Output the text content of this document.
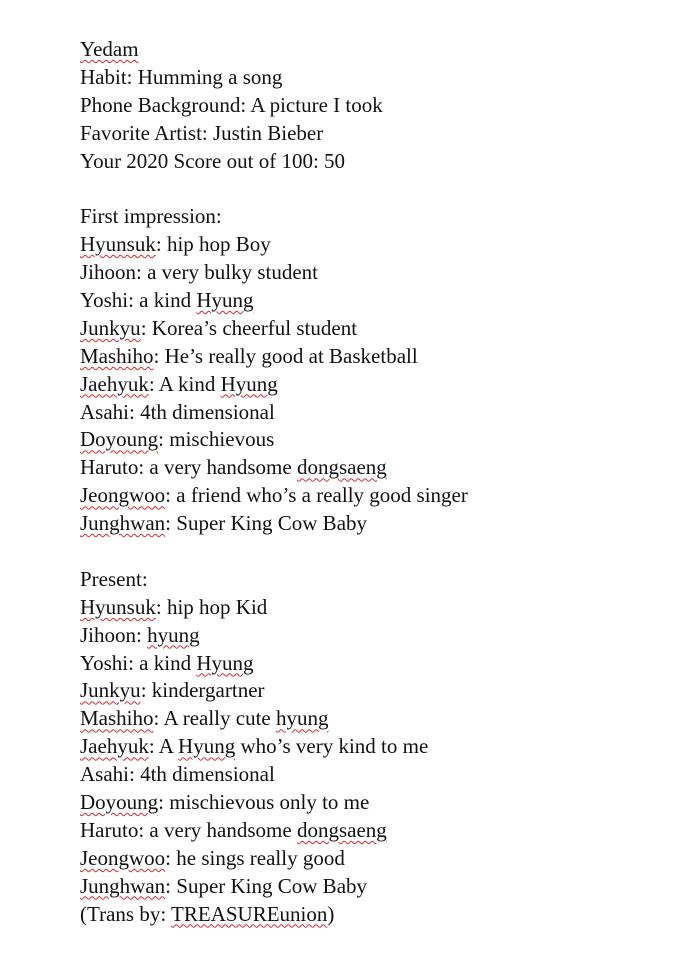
Yedam
Habit: Humming a song
Phone Background: A picture I took
Favorite Artist: Justin Bieber
Your 2020 Score out of 100: 50
First impression:
Hyunsuk: hip hop Boy
Jihoon: a very bulky student
Yoshi: a kind Hyung
Junkyu: Korea’s cheerful student
Mashiho: He’s really good at Basketball
Jaehyuk: A kind Hyung
Asahi: 4th dimensional
Doyoung: mischievous
Haruto: a very handsome dongsaeng
Jeongwoo: a friend who’s a really good singer
Junghwan: Super King Cow Baby
Present:
Hyunsuk: hip hop Kid
Jihoon: hyung
Yoshi: a kind Hyung
Junkyu: kindergartner
Mashiho: A really cute hyung
Jaehyuk: A Hyung who’s very kind to me
Asahi: 4th dimensional
Doyoung: mischievous only to me
Haruto: a very handsome dongsaeng
Jeongwoo: he sings really good
Junghwan: Super King Cow Baby
(Trans by: TREASUREunion)
